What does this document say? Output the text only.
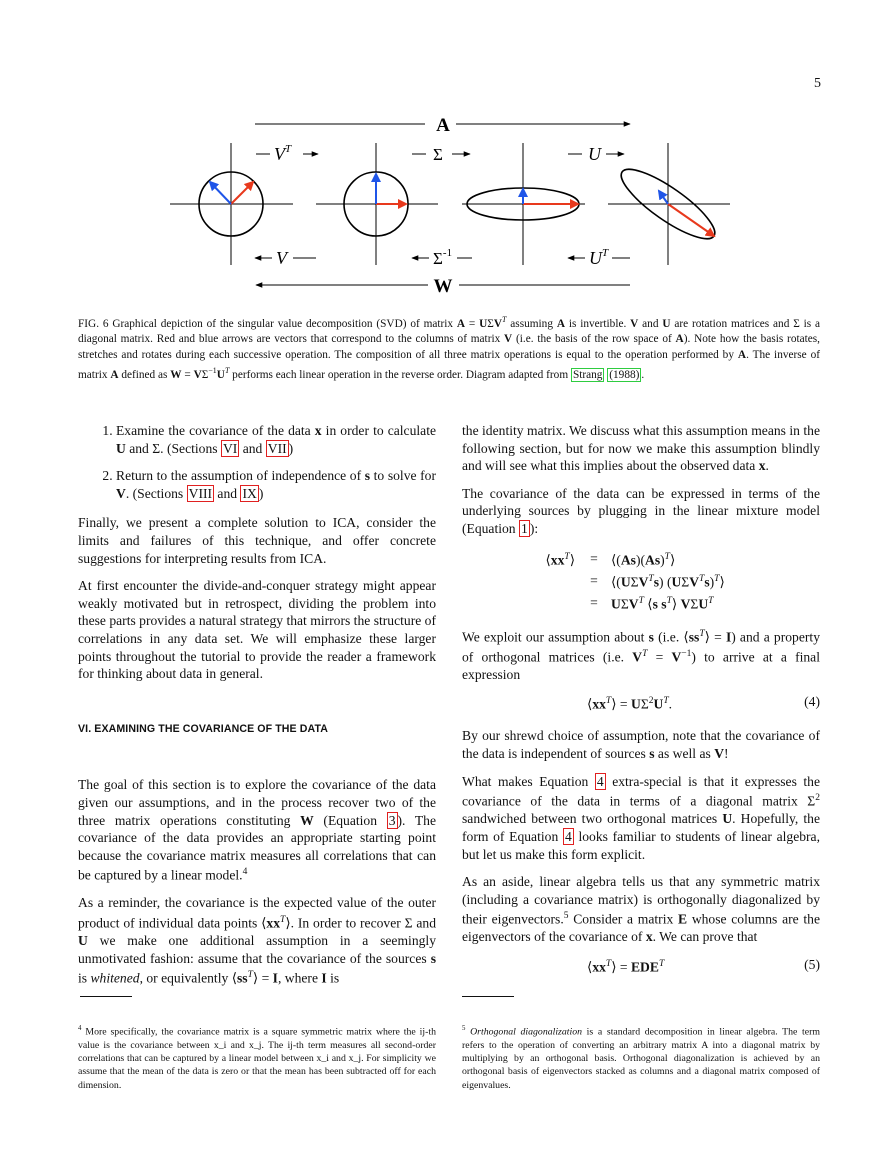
5
A
$V^T$	Σ	U
V	$\Sigma^{-1}$	$U^T$
W
FIG. 6 Graphical depiction of the singular value decomposition (SVD) of matrix $A = U\Sigma V^T$ assuming A is invertible. V and U are rotation matrices and Σ is a diagonal matrix. Red and blue arrows are vectors that correspond to the columns of matrix V (i.e. the basis of the row space of A). Note how the basis rotates, stretches and rotates during each successive operation. The composition of all three matrix operations is equal to the operation performed by A. The inverse of matrix A defined as $W = V\Sigma^{-1}U^T$ performs each linear operation in the reverse order. Diagram adapted from Strang (1988) .
1. Examine the covariance of the data x in order to calculate U and Σ. (Sections VI and VII )
2. Return to the assumption of independence of s to solve for V. (Sections VIII and IX )

Finally, we present a complete solution to ICA, consider the limits and failures of this technique, and offer concrete suggestions for interpreting results from ICA.

At first encounter the divide-and-conquer strategy might appear weakly motivated but in retrospect, dividing the problem into these parts provides a natural strategy that mirrors the structure of correlations in any data set. We will emphasize these larger points throughout the tutorial to provide the reader a framework for thinking about data in general.

VI. EXAMINING THE COVARIANCE OF THE DATA

The goal of this section is to explore the covariance of the data given our assumptions, and in the process recover two of the three matrix operations constituting W (Equation 3 ). The covariance of the data provides an appropriate starting point because the covariance matrix measures all correlations that can be captured by a linear model.$^4$

As a reminder, the covariance is the expected value of the outer product of individual data points $⟨xx^T⟩$. In order to recover Σ and U we make one additional assumption in a seemingly unmotivated fashion: assume that the covariance of the sources s is whitened, or equivalently $⟨ss^T⟩ = I$, where I is

the identity matrix. We discuss what this assumption means in the following section, but for now we make this assumption blindly and will see what this implies about the observed data x.

The covariance of the data can be expressed in terms of the underlying sources by plugging in the linear mixture model (Equation 1 ):

$⟨xx^T⟩$	= $⟨(As)(As)^T⟩$
= $⟨(U\Sigma V^Ts)$ $(U\Sigma V^Ts)^T⟩$
= $U\Sigma V^T$ ⟨s $s^T⟩$ $V\Sigma U^T$

We exploit our assumption about s (i.e. $⟨ss^T⟩ = I$) and a property of orthogonal matrices (i.e. $V^T = V^{-1}$) to arrive at a final expression

$⟨xx^T⟩ = U\Sigma^2U^T$.	(4)

By our shrewd choice of assumption, note that the covariance of the data is independent of sources s as well as V!

What makes Equation 4 extra-special is that it expresses the covariance of the data in terms of a diagonal matrix $\Sigma^2$ sandwiched between two orthogonal matrices U. Hopefully, the form of Equation 4 looks familiar to students of linear algebra, but let us make this form explicit.

As an aside, linear algebra tells us that any symmetric matrix (including a covariance matrix) is orthogonally diagonalized by their eigenvectors.$^5$ Consider a matrix E whose columns are the eigenvectors of the covariance of x. We can prove that

$⟨xx^T⟩ = EDE^T$	(5)
$^4$ More specifically, the covariance matrix is a square symmetric matrix where the ij-th value is the covariance between x_i and x_j. The ij-th term measures all second-order correlations that can be captured by a linear model between x_i and x_j. For simplicity we assume that the mean of the data is zero or that the mean has been subtracted off for each dimension.
$^5$ Orthogonal diagonalization is a standard decomposition in linear algebra. The term refers to the operation of converting an arbitrary matrix A into a diagonal matrix by multiplying by an orthogonal basis. Orthogonal diagonalization is achieved by an orthogonal basis of eigenvectors stacked as columns and a diagonal matrix composed of eigenvalues.
